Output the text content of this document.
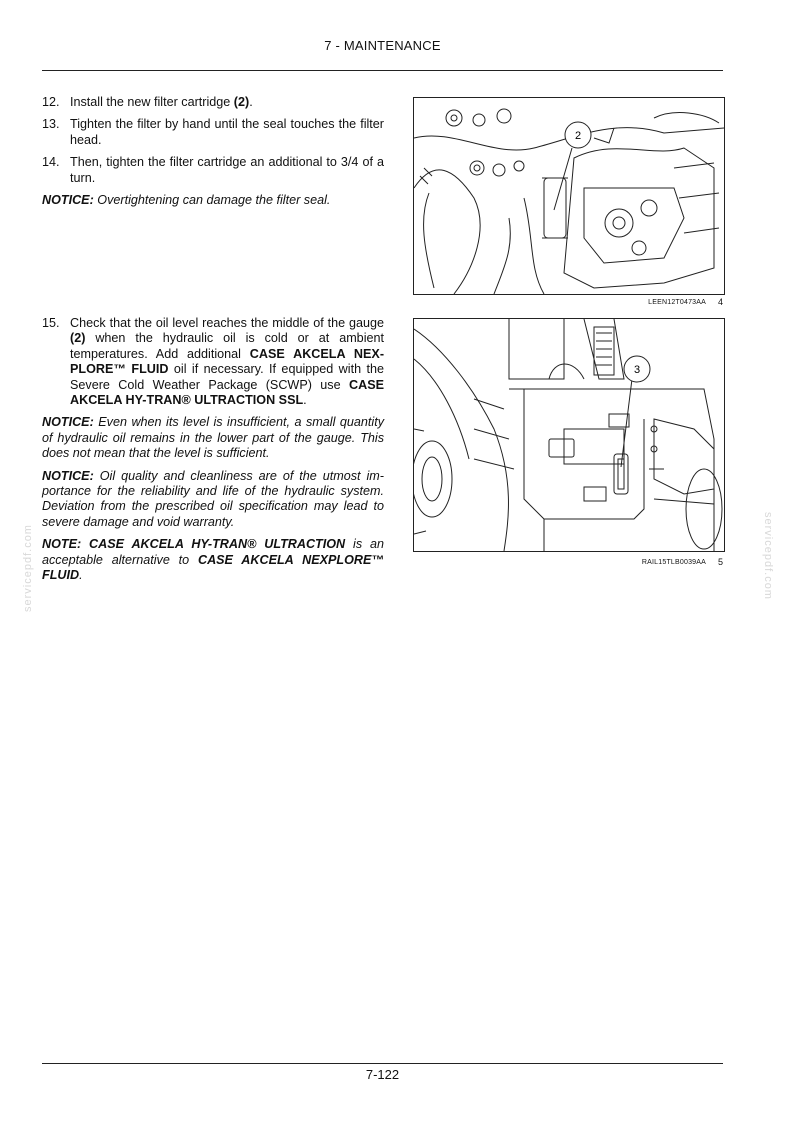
7 - MAINTENANCE
12. Install the new filter cartridge (2).
13. Tighten the filter by hand until the seal touches the filter head.
14. Then, tighten the filter cartridge an additional to 3/4 of a turn.
NOTICE: Overtightening can damage the filter seal.
2
LEEN12T0473AA 4
15. Check that the oil level reaches the middle of the gauge (2) when the hydraulic oil is cold or at ambient temperatures. Add additional CASE AKCELA NEXPLORE™ FLUID oil if necessary. If equipped with the Severe Cold Weather Package (SCWP) use CASE AKCELA HY-TRAN® ULTRACTION SSL.
NOTICE: Even when its level is insufficient, a small quantity of hydraulic oil remains in the lower part of the gauge. This does not mean that the level is sufficient.
NOTICE: Oil quality and cleanliness are of the utmost importance for the reliability and life of the hydraulic system. Deviation from the prescribed oil specification may lead to severe damage and void warranty.
NOTE: CASE AKCELA HY-TRAN® ULTRACTION is an acceptable alternative to CASE AKCELA NEXPLORE™ FLUID.
3
RAIL15TLB0039AA 5
servicepdf.com	servicepdf.com
7-122
